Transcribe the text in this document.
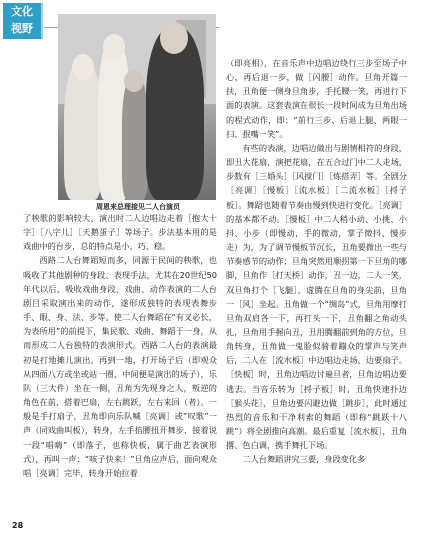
文化
视野
周恩来总理接见二人台演员

了秧歌的影响较大，演出时二人边唱边走着［抱大十字］［八字儿］［天鹅蛋子］等场子。步法基本用的是戏曲中的台步，总的特点是小、巧、稳。

西路二人台舞蹈短而多，同源于民间的秧歌，也吸收了其他剧种的身段、表现手法，尤其在20世纪50年代以后，吸收戏曲身段、戏曲、动作表演的二人台剧目采取演出来的动作，遂形成独特的表现表舞步手、眼、身、法、步等。使二人台舞蹈在“有叉必长，为表所用”的前提下，集民歌、戏曲、舞蹈于一身，从而形成二人台独特的表演形式。西路二人台的表演最初是打地摊儿演出，再到一地，打开场子后（即观众从四面八方或坐或站一圈，中间便是演出的场子），乐队（三大件）坐在一侧，丑角为先现身之人，叛逆的角色在前，搭着巴扇，左右跳跃，左右来回（者）。一般是手打扇子，丑角即向乐队喊［亮调］或“叹歌”一声（同戏曲叫板），转身，左手掐腰扭开舞步，接着说一段“唱嗨”（即落子，也称快板，属于曲艺表演形式），再叫一声：“咳子快来！”旦角应声后，面向观众唱［亮调］完毕，转身开始拉着

（即亮相），在音乐声中边唱边绕行三步至场子中心，再后退一步，做［闪腰］动作。旦角开篇一扶，丑角便一侧身旦角步，手托腰一笑，再进行下面的表演。这套表演在很长一段时间成为旦角出场的程式动作，即：“前行三步、后退上腿、两眼一扫、抿嘴一笑”。

有些的表演，边唱边做出与剧情相符的身段，即丑大花扇，演把花扇，在五合过门中二人走场，步数有［三婚头］［风搅门］［炼搭弄］等。全剧分［亮调］［慢板］［流水板］［二流水板］［捋子板］。舞蹈也随着节奏由慢到快进行变化。［亮调］的基本都不动。［慢板］中二人稍小动、小挑、小抖、小步（即慢动，手的微动，掌子微抖、慢步走）为，为了调节慢板节沉长，丑角要微出一些与节奏感节的动作；旦角突然用顺拐第一下旦角的哪脚，旦角作［打天桥］动作，丑一边，二人一笑，双旦角打个［飞腿］，虚腾在旦角的身尖前，旦角一［风］坐起。丑角做一个“绸岛”式，旦角用摩打旦角双肩各一下，再打头一下，丑角翻之角动头扎，旦角用手握向丑，丑用腾翻前到角的方位，旦角转身，丑角做一鬼脸似骑着蹦众的掌声与笑声后，二人在［流水板］中边唱边走场，边要扇子。［快板］时，丑角边唱边讨遍旦者，旦角边唱边要逃去。当音乐转为［捋子板］时，丑角快速扑边［猴头花］，旦角边要闪避边做［跳步］，此时通过热烈的音乐和干净利索的舞蹈（即称“跳跃十八跳”）将全剧推向高潮。最后重复［流水板］，丑角撂、色白调，携手舞扎下场。

二人台舞蹈讲究三要，身段变化多

28
